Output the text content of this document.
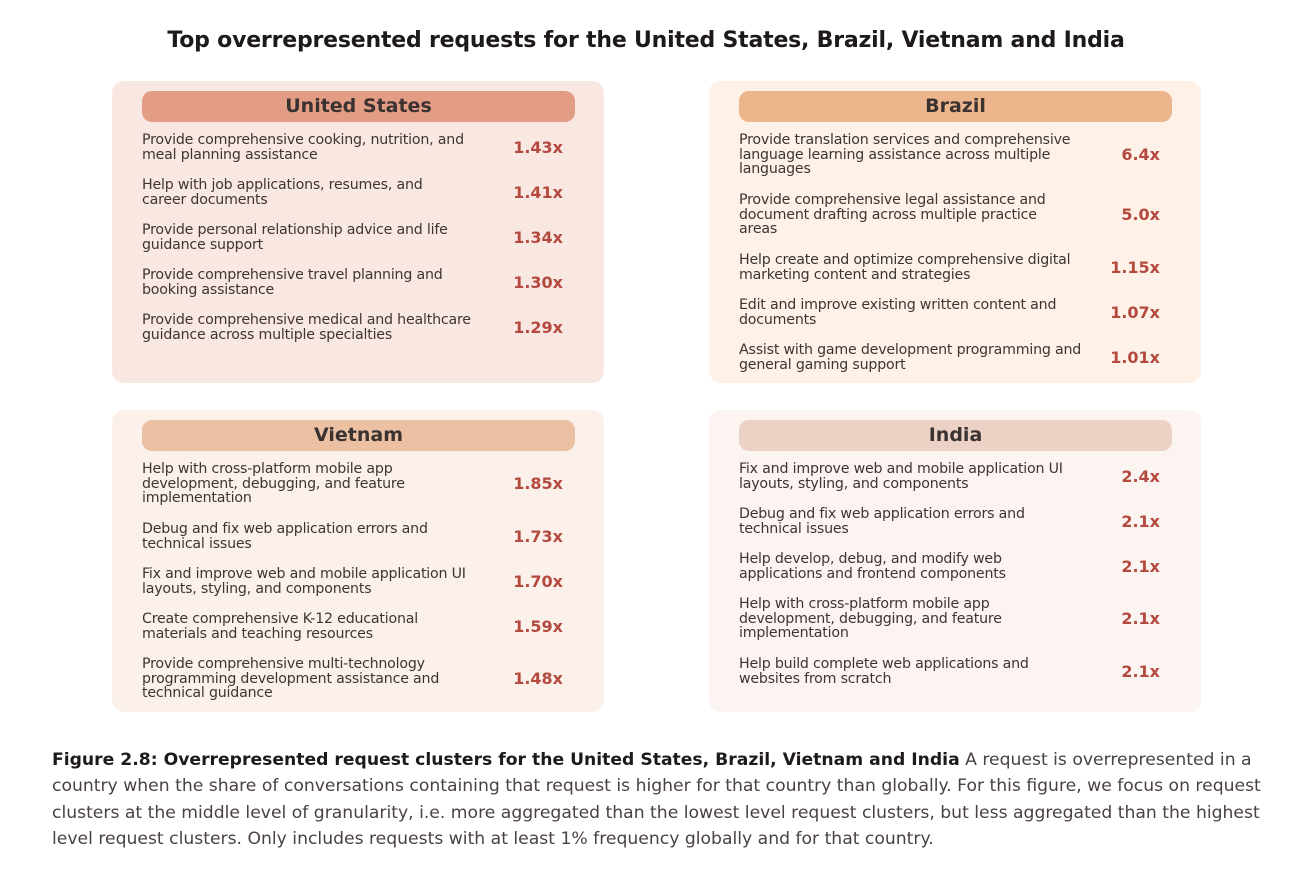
Top overrepresented requests for the United States, Brazil, Vietnam and India
United States
Provide comprehensive cooking, nutrition, and
meal planning assistance	1.43x
Help with job applications, resumes, and
career documents	1.41x
Provide personal relationship advice and life
guidance support	1.34x
Provide comprehensive travel planning and
booking assistance	1.30x
Provide comprehensive medical and healthcare
guidance across multiple specialties	1.29x
Brazil
Provide translation services and comprehensive
language learning assistance across multiple
languages
6.4x
Provide comprehensive legal assistance and
document drafting across multiple practice
areas
5.0x
Help create and optimize comprehensive digital
marketing content and strategies	1.15x
Edit and improve existing written content and
documents	1.07x
Assist with game development programming and
general gaming support	1.01x
Vietnam
Help with cross-platform mobile app
development, debugging, and feature
implementation
1.85x
Debug and fix web application errors and
technical issues	1.73x
Fix and improve web and mobile application UI
layouts, styling, and components	1.70x
Create comprehensive K-12 educational
materials and teaching resources	1.59x
Provide comprehensive multi-technology
programming development assistance and
technical guidance
1.48x
India
Fix and improve web and mobile application UI
layouts, styling, and components	2.4x
Debug and fix web application errors and
technical issues	2.1x
Help develop, debug, and modify web
applications and frontend components	2.1x
Help with cross-platform mobile app
development, debugging, and feature
implementation
2.1x
Help build complete web applications and
websites from scratch	2.1x
Figure 2.8: Overrepresented request clusters for the United States, Brazil, Vietnam and India A request is overrepresented in a country when the share of conversations containing that request is higher for that country than globally. For this figure, we focus on request clusters at the middle level of granularity, i.e. more aggregated than the lowest level request clusters, but less aggregated than the highest level request clusters. Only includes requests with at least 1% frequency globally and for that country.
